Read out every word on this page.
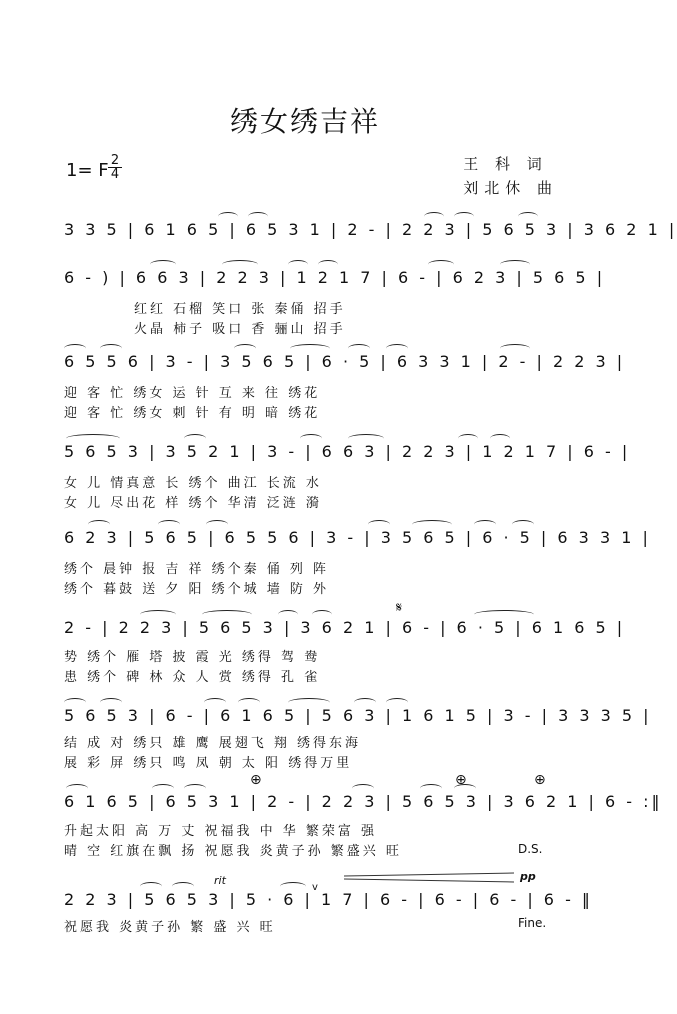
绣女绣吉祥
1= F $\frac{2}{4}$	王 科 词
刘北休 曲
3 3 5 | 6 1 6 5 | 6 5 3 1 | 2 - | 2 2 3 | 5 6 5 3 | 3 6 2 1 |
6 - ) | 6 6 3 | 2 2 3 | 1 2 1 7 | 6 - | 6 2 3 | 5 6 5 |
红红 石榴 笑口 张 秦俑 招手
火晶 柿子 吸口 香 骊山 招手
6 5 5 6 | 3 - | 3 5 6 5 | 6 · 5 | 6 3 3 1 | 2 - | 2 2 3 |
迎 客 忙 绣女 运 针 互 来 往 绣花
迎 客 忙 绣女 刺 针 有 明 暗 绣花
5 6 5 3 | 3 5 2 1 | 3 - | 6 6 3 | 2 2 3 | 1 2 1 7 | 6 - |
女 儿 情真意 长 绣个 曲江 长流 水
女 儿 尽出花 样 绣个 华清 泛涟 漪
6 2 3 | 5 6 5 | 6 5 5 6 | 3 - | 3 5 6 5 | 6 · 5 | 6 3 3 1 |
绣个 晨钟 报 吉 祥 绣个秦 俑 列 阵
绣个 暮鼓 送 夕 阳 绣个城 墙 防 外
2 - | 2 2 3 | 5 6 5 3 | 3 6 2 1 | 6 - | 6 · 5 | 6 1 6 5 |
势 绣个 雁 塔 披 霞 光 绣得 驾 鸯
患 绣个 碑 林 众 人 赏 绣得 孔 雀
5 6 5 3 | 6 - | 6 1 6 5 | 5 6 3 | 1 6 1 5 | 3 - | 3 3 3 5 |
结 成 对 绣只 雄 鹰 展翅飞 翔 绣得东海
展 彩 屏 绣只 鸣 凤 朝 太 阳 绣得万里
6 1 6 5 | 6 5 3 1 | 2 - | 2 2 3 | 5 6 5 3 | 3 6 2 1 | 6 - :‖
升起太阳 高 万 丈 祝福我 中 华 繁荣富 强
晴 空 红旗在飘 扬 祝愿我 炎黄子孙 繁盛兴 旺
2 2 3 | 5 6 5 3 | 5 · 6 | 1 7 | 6 - | 6 - | 6 - | 6 - ‖
祝愿我 炎黄子孙 繁 盛 兴 旺
𝄋
⊕	⊕	⊕
D.S.
Fine.
rit	pp
v
